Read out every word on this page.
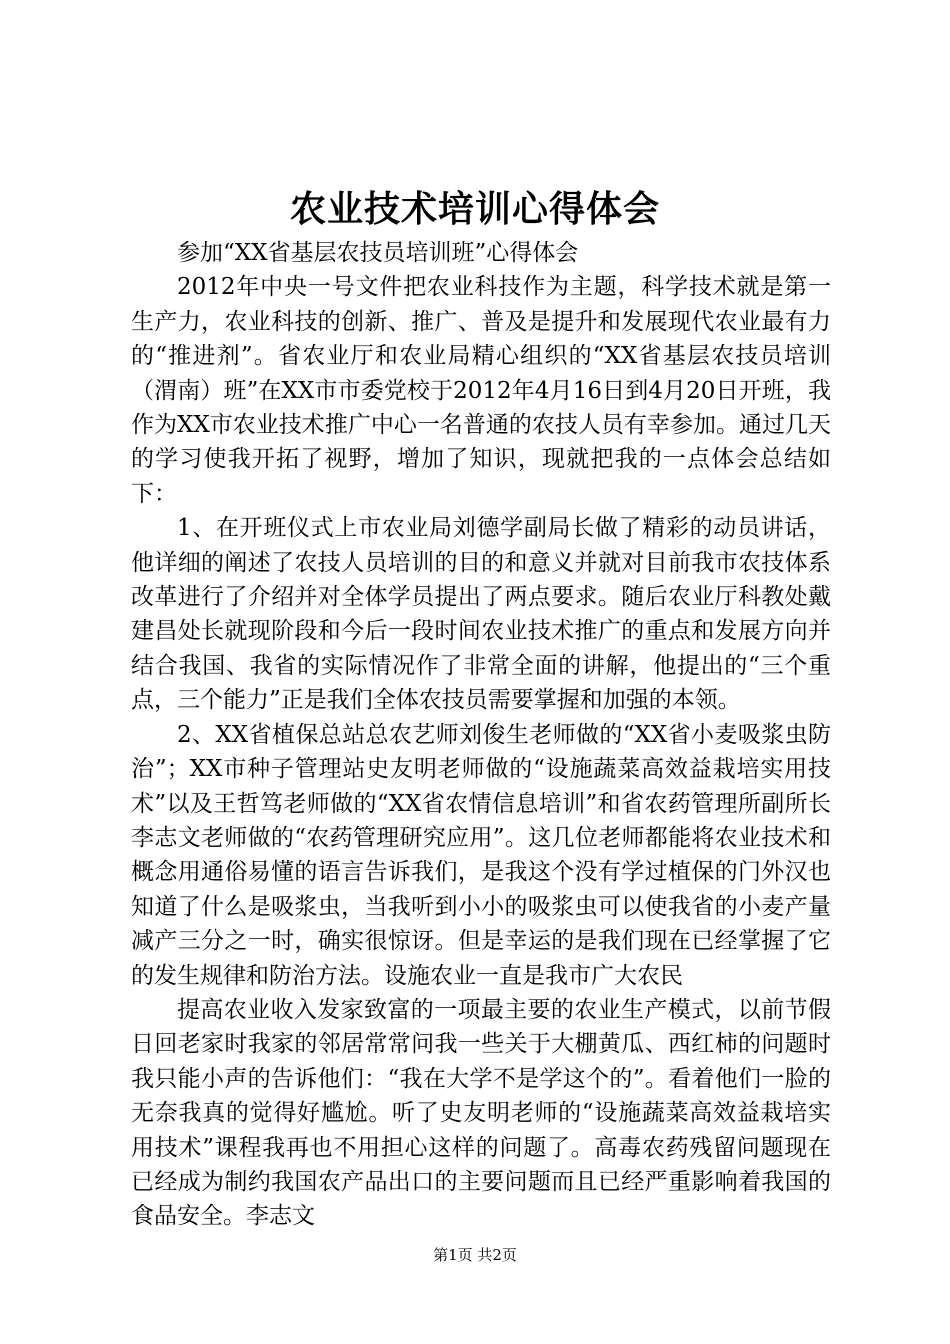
农业技术培训心得体会

参加“XX省基层农技员培训班”心得体会

2012年中央一号文件把农业科技作为主题，科学技术就是第一生产力，农业科技的创新、推广、普及是提升和发展现代农业最有力的“推进剂”。省农业厅和农业局精心组织的“XX省基层农技员培训（渭南）班”在XX市市委党校于2012年4月16日到4月20日开班，我作为XX市农业技术推广中心一名普通的农技人员有幸参加。通过几天的学习使我开拓了视野，增加了知识，现就把我的一点体会总结如下：

1、在开班仪式上市农业局刘德学副局长做了精彩的动员讲话，他详细的阐述了农技人员培训的目的和意义并就对目前我市农技体系改革进行了介绍并对全体学员提出了两点要求。随后农业厅科教处戴建昌处长就现阶段和今后一段时间农业技术推广的重点和发展方向并结合我国、我省的实际情况作了非常全面的讲解，他提出的“三个重点，三个能力”正是我们全体农技员需要掌握和加强的本领。

2、XX省植保总站总农艺师刘俊生老师做的“XX省小麦吸浆虫防治”；XX市种子管理站史友明老师做的“设施蔬菜高效益栽培实用技术”以及王哲笃老师做的“XX省农情信息培训”和省农药管理所副所长李志文老师做的“农药管理研究应用”。这几位老师都能将农业技术和概念用通俗易懂的语言告诉我们，是我这个没有学过植保的门外汉也知道了什么是吸浆虫，当我听到小小的吸浆虫可以使我省的小麦产量减产三分之一时，确实很惊讶。但是幸运的是我们现在已经掌握了它的发生规律和防治方法。设施农业一直是我市广大农民

提高农业收入发家致富的一项最主要的农业生产模式，以前节假日回老家时我家的邻居常常问我一些关于大棚黄瓜、西红柿的问题时我只能小声的告诉他们：“我在大学不是学这个的”。看着他们一脸的无奈我真的觉得好尴尬。听了史友明老师的“设施蔬菜高效益栽培实用技术”课程我再也不用担心这样的问题了。高毒农药残留问题现在已经成为制约我国农产品出口的主要问题而且已经严重影响着我国的食品安全。李志文

第1页 共2页
